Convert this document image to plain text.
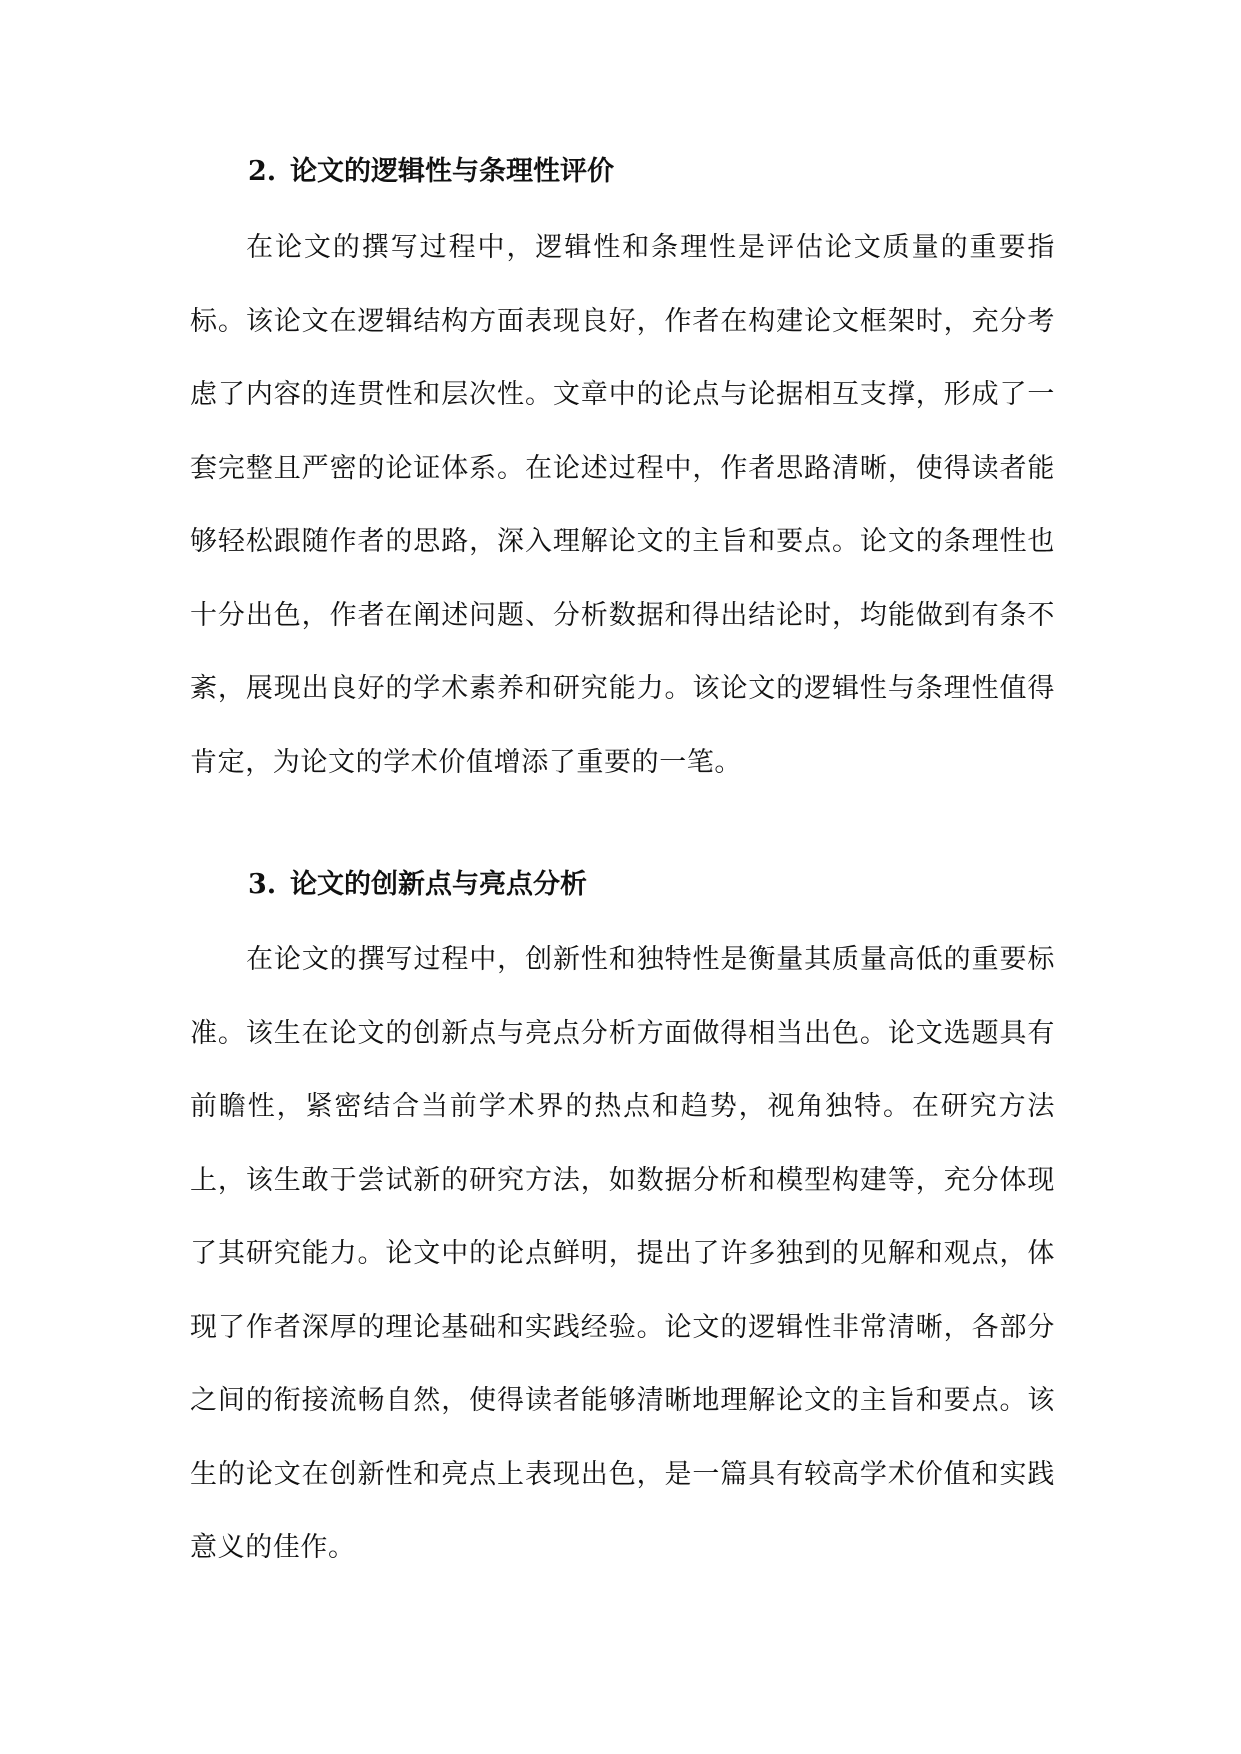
2. 论文的逻辑性与条理性评价

在论文的撰写过程中，逻辑性和条理性是评估论文质量的重要指标。该论文在逻辑结构方面表现良好，作者在构建论文框架时，充分考虑了内容的连贯性和层次性。文章中的论点与论据相互支撑，形成了一套完整且严密的论证体系。在论述过程中，作者思路清晰，使得读者能够轻松跟随作者的思路，深入理解论文的主旨和要点。论文的条理性也十分出色，作者在阐述问题、分析数据和得出结论时，均能做到有条不紊，展现出良好的学术素养和研究能力。该论文的逻辑性与条理性值得肯定，为论文的学术价值增添了重要的一笔。

3. 论文的创新点与亮点分析

在论文的撰写过程中，创新性和独特性是衡量其质量高低的重要标准。该生在论文的创新点与亮点分析方面做得相当出色。论文选题具有前瞻性，紧密结合当前学术界的热点和趋势，视角独特。在研究方法上，该生敢于尝试新的研究方法，如数据分析和模型构建等，充分体现了其研究能力。论文中的论点鲜明，提出了许多独到的见解和观点，体现了作者深厚的理论基础和实践经验。论文的逻辑性非常清晰，各部分之间的衔接流畅自然，使得读者能够清晰地理解论文的主旨和要点。该生的论文在创新性和亮点上表现出色，是一篇具有较高学术价值和实践意义的佳作。
